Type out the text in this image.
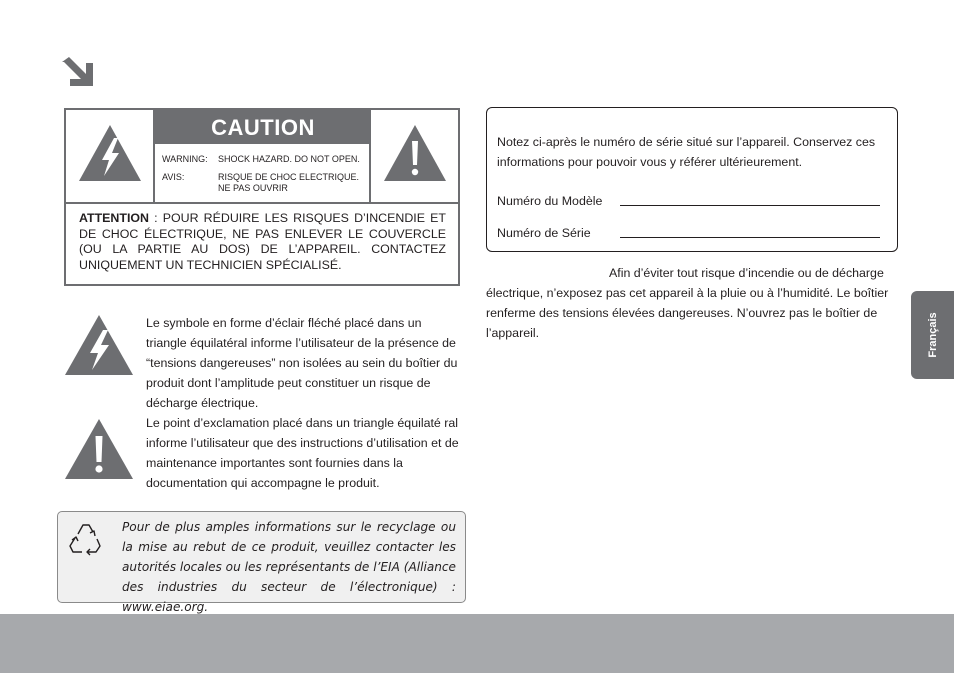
CAUTION
WARNING:	SHOCK HAZARD. DO NOT OPEN.
AVIS:	RISQUE DE CHOC ELECTRIQUE. NE PAS OUVRIR
ATTENTION : POUR RÉDUIRE LES RISQUES D’INCENDIE ET DE CHOC ÉLECTRIQUE, NE PAS ENLEVER LE COUVERCLE (OU LA PARTIE AU DOS) DE L’APPAREIL. CONTACTEZ UNIQUEMENT UN TECHNICIEN SPÉCIALISÉ.
Le symbole en forme d’éclair fléché placé dans un triangle équilatéral informe l’utilisateur de la présence de “tensions dangereuses” non isolées au sein du boîtier du produit dont l’amplitude peut constituer un risque de décharge électrique.
Le point d’exclamation placé dans un triangle équilaté ral informe l’utilisateur que des instructions d’utilisation et de maintenance importantes sont fournies dans la documentation qui accompagne le produit.
Pour de plus amples informations sur le recyclage ou la mise au rebut de ce produit, veuillez contacter les autorités locales ou les représentants de l’EIA (Alliance des industries du secteur de l’électronique) : www.eiae.org.
Notez ci-après le numéro de série situé sur l’appareil. Conservez ces informations pour pouvoir vous y référer ultérieurement.
Numéro du Modèle
Numéro de Série
Afin d’éviter tout risque d’incendie ou de décharge électrique, n’exposez pas cet appareil à la pluie ou à l’humidité. Le boîtier renferme des tensions élevées dangereuses. N’ouvrez pas le boîtier de l’appareil.	Français
